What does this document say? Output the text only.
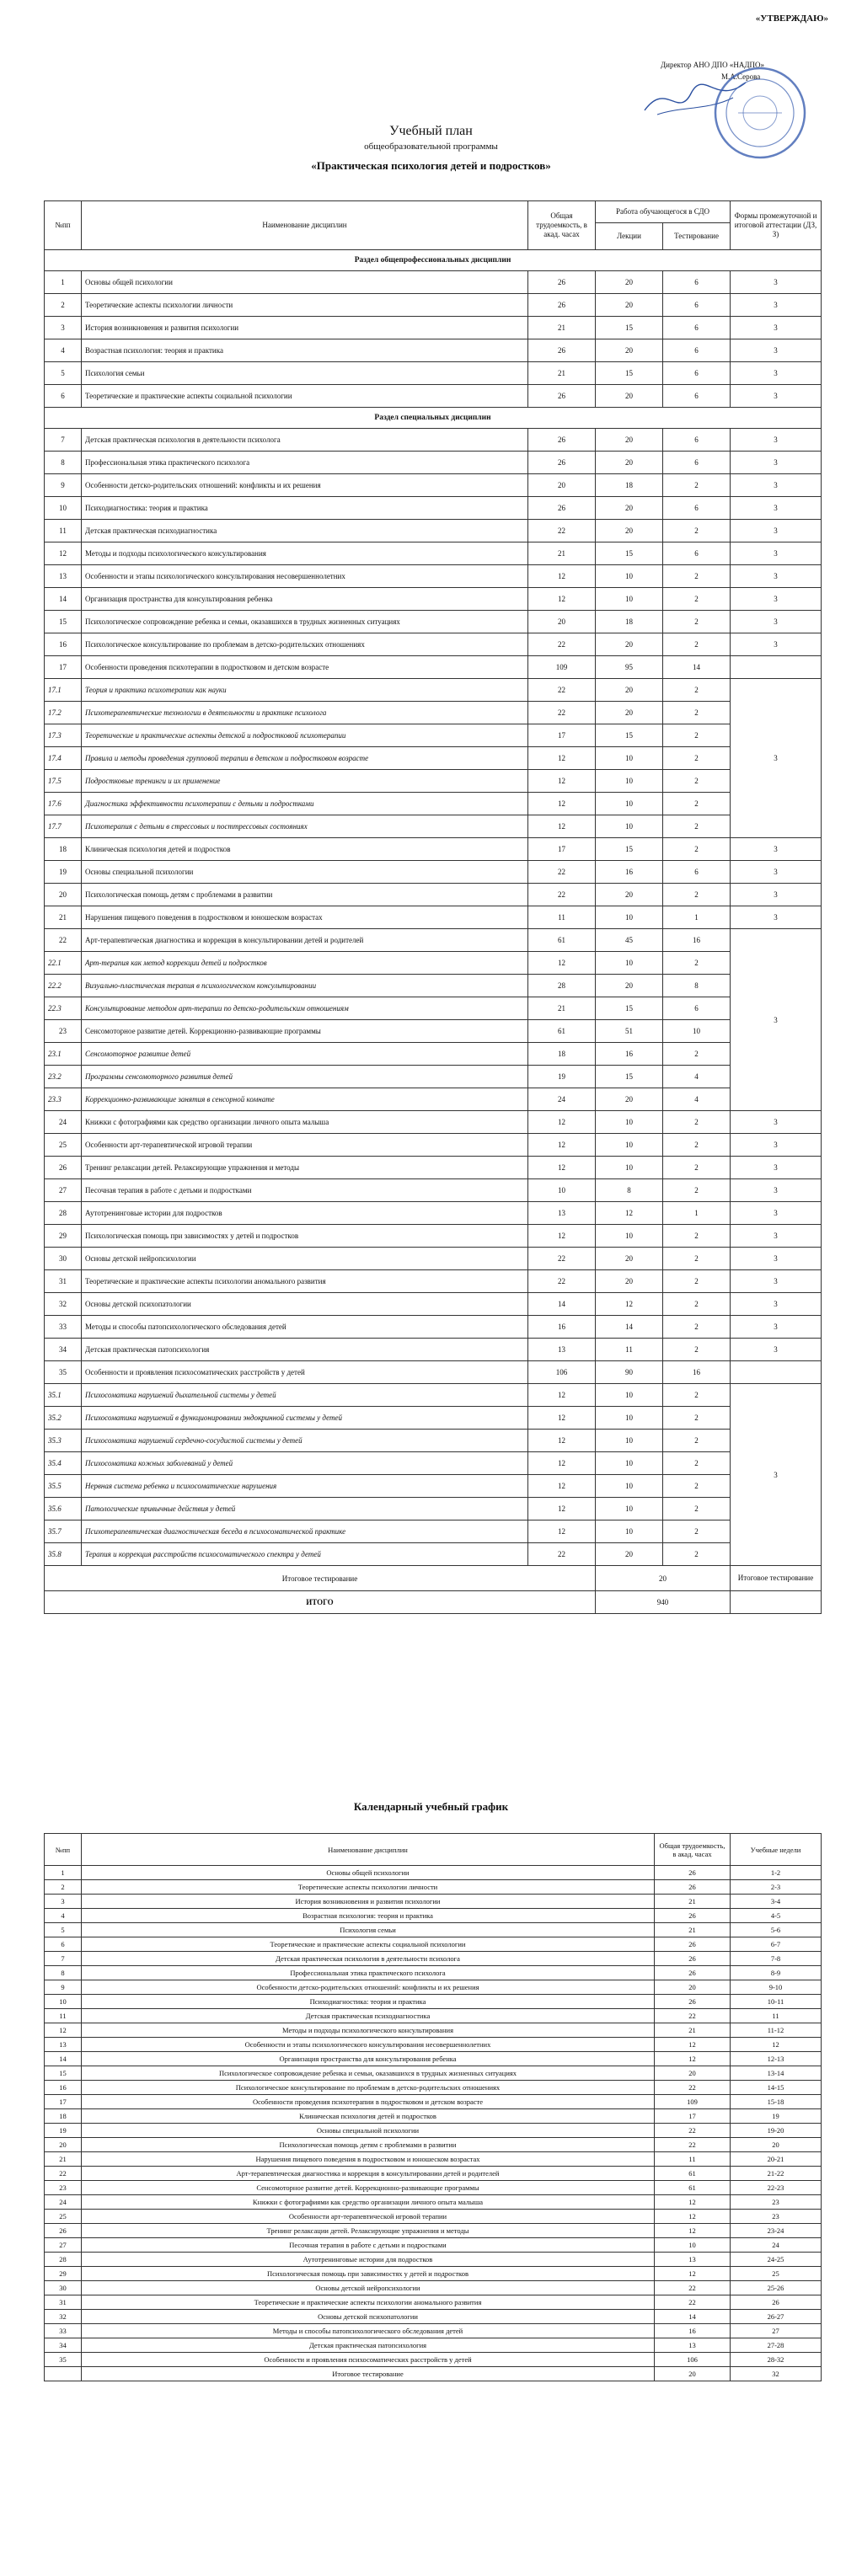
«УТВЕРЖДАЮ»
Директор АНО ДПО «НАДПО»
М.А.Серова
Учебный план
общеобразовательной программы
«Практическая психология детей и подростков»
№пп	Наименование дисциплин	Общая трудоемкость, в акад. часах	Работа обучающегося в СДО		Формы промежуточной и итоговой аттестации (ДЗ, З)
			Лекции	Тестирование	
Раздел общепрофессиональных дисциплин					
1	Основы общей психологии	26	20	6	3
2	Теоретические аспекты психологии личности	26	20	6	3
3	История возникновения и развития психологии	21	15	6	3
4	Возрастная психология: теория и практика	26	20	6	3
5	Психология семьи	21	15	6	3
6	Теоретические и практические аспекты социальной психологии	26	20	6	3
Раздел специальных дисциплин					
7	Детская практическая психология в деятельности психолога	26	20	6	3
8	Профессиональная этика практического психолога	26	20	6	3
9	Особенности детско-родительских отношений: конфликты и их решения	20	18	2	3
10	Психодиагностика: теория и практика	26	20	6	3
11	Детская практическая психодиагностика	22	20	2	3
12	Методы и подходы психологического консультирования	21	15	6	3
13	Особенности и этапы психологического консультирования несовершеннолетних	12	10	2	3
14	Организация пространства для консультирования ребенка	12	10	2	3
15	Психологическое сопровождение ребенка и семьи, оказавшихся в трудных жизненных ситуациях	20	18	2	3
16	Психологическое консультирование по проблемам в детско-родительских отношениях	22	20	2	3
17	Особенности проведения психотерапии в подростковом и детском возрасте	109	95	14	
17.1	Теория и практика психотерапии как науки	22	20	2	3
17.2	Психотерапевтические технологии в деятельности и практике психолога	22	20	2	
17.3	Теоретические и практические аспекты детской и подростковой психотерапии	17	15	2	
17.4	Правила и методы проведения групповой терапии в детском и подростковом возрасте	12	10	2	
17.5	Подростковые тренинги и их применение	12	10	2	
17.6	Диагностика эффективности психотерапии с детьми и подростками	12	10	2	
17.7	Психотерапия с детьми в стрессовых и посттрессовых состояниях	12	10	2	
18	Клиническая психология детей и подростков	17	15	2	3
19	Основы специальной психологии	22	16	6	3
20	Психологическая помощь детям с проблемами в развитии	22	20	2	3
21	Нарушения пищевого поведения в подростковом и юношеском возрастах	11	10	1	3
22	Арт-терапевтическая диагностика и коррекция в консультировании детей и родителей	61	45	16	3
22.1	Арт-терапия как метод коррекции детей и подростков	12	10	2	
22.2	Визуально-пластическая терапия в психологическом консультировании	28	20	8	
22.3	Консультирование методом арт-терапии по детско-родительским отношениям	21	15	6	
23	Сенсомоторное развитие детей. Коррекционно-развивающие программы	61	51	10	
23.1	Сенсомоторное развитие детей	18	16	2	
23.2	Программы сенсомоторного развития детей	19	15	4	
23.3	Коррекционно-развивающие занятия в сенсорной комнате	24	20	4	
24	Книжки с фотографиями как средство организации личного опыта малыша	12	10	2	3
25	Особенности арт-терапевтической игровой терапии	12	10	2	3
26	Тренинг релаксации детей. Релаксирующие упражнения и методы	12	10	2	3
27	Песочная терапия в работе с детьми и подростками	10	8	2	3
28	Аутотренинговые истории для подростков	13	12	1	3
29	Психологическая помощь при зависимостях у детей и подростков	12	10	2	3
30	Основы детской нейропсихологии	22	20	2	3
31	Теоретические и практические аспекты психологии аномального развития	22	20	2	3
32	Основы детской психопатологии	14	12	2	3
33	Методы и способы патопсихологического обследования детей	16	14	2	3
34	Детская практическая патопсихология	13	11	2	3
35	Особенности и проявления психосоматических расстройств у детей	106	90	16	
35.1	Психосоматика нарушений дыхательной системы у детей	12	10	2	3
35.2	Психосоматика нарушений в функционировании эндокринной системы у детей	12	10	2	
35.3	Психосоматика нарушений сердечно-сосудистой системы у детей	12	10	2	
35.4	Психосоматика кожных заболеваний у детей	12	10	2	
35.5	Нервная система ребенка и психосоматические нарушения	12	10	2	
35.6	Патологические привычные действия у детей	12	10	2	
35.7	Психотерапевтическая диагностическая беседа в психосоматической практике	12	10	2	
35.8	Терапия и коррекция расстройств психосоматического спектра у детей	22	20	2	
Итоговое тестирование			20		Итоговое тестирование
ИТОГО			940		
Календарный учебный график
№пп	Наименование дисциплин	Общая трудоемкость, в акад. часах	Учебные недели
1	Основы общей психологии	26	1-2
2	Теоретические аспекты психологии личности	26	2-3
3	История возникновения и развития психологии	21	3-4
4	Возрастная психология: теория и практика	26	4-5
5	Психология семьи	21	5-6
6	Теоретические и практические аспекты социальной психологии	26	6-7
7	Детская практическая психология в деятельности психолога	26	7-8
8	Профессиональная этика практического психолога	26	8-9
9	Особенности детско-родительских отношений: конфликты и их решения	20	9-10
10	Психодиагностика: теория и практика	26	10-11
11	Детская практическая психодиагностика	22	11
12	Методы и подходы психологического консультирования	21	11-12
13	Особенности и этапы психологического консультирования несовершеннолетних	12	12
14	Организация пространства для консультирования ребенка	12	12-13
15	Психологическое сопровождение ребенка и семьи, оказавшихся в трудных жизненных ситуациях	20	13-14
16	Психологическое консультирование по проблемам в детско-родительских отношениях	22	14-15
17	Особенности проведения психотерапии в подростковом и детском возрасте	109	15-18
18	Клиническая психология детей и подростков	17	19
19	Основы специальной психологии	22	19-20
20	Психологическая помощь детям с проблемами в развитии	22	20
21	Нарушения пищевого поведения в подростковом и юношеском возрастах	11	20-21
22	Арт-терапевтическая диагностика и коррекция в консультировании детей и родителей	61	21-22
23	Сенсомоторное развитие детей. Коррекционно-развивающие программы	61	22-23
24	Книжки с фотографиями как средство организации личного опыта малыша	12	23
25	Особенности арт-терапевтической игровой терапии	12	23
26	Тренинг релаксации детей. Релаксирующие упражнения и методы	12	23-24
27	Песочная терапия в работе с детьми и подростками	10	24
28	Аутотренинговые истории для подростков	13	24-25
29	Психологическая помощь при зависимостях у детей и подростков	12	25
30	Основы детской нейропсихологии	22	25-26
31	Теоретические и практические аспекты психологии аномального развития	22	26
32	Основы детской психопатологии	14	26-27
33	Методы и способы патопсихологического обследования детей	16	27
34	Детская практическая патопсихология	13	27-28
35	Особенности и проявления психосоматических расстройств у детей	106	28-32
	Итоговое тестирование	20	32
